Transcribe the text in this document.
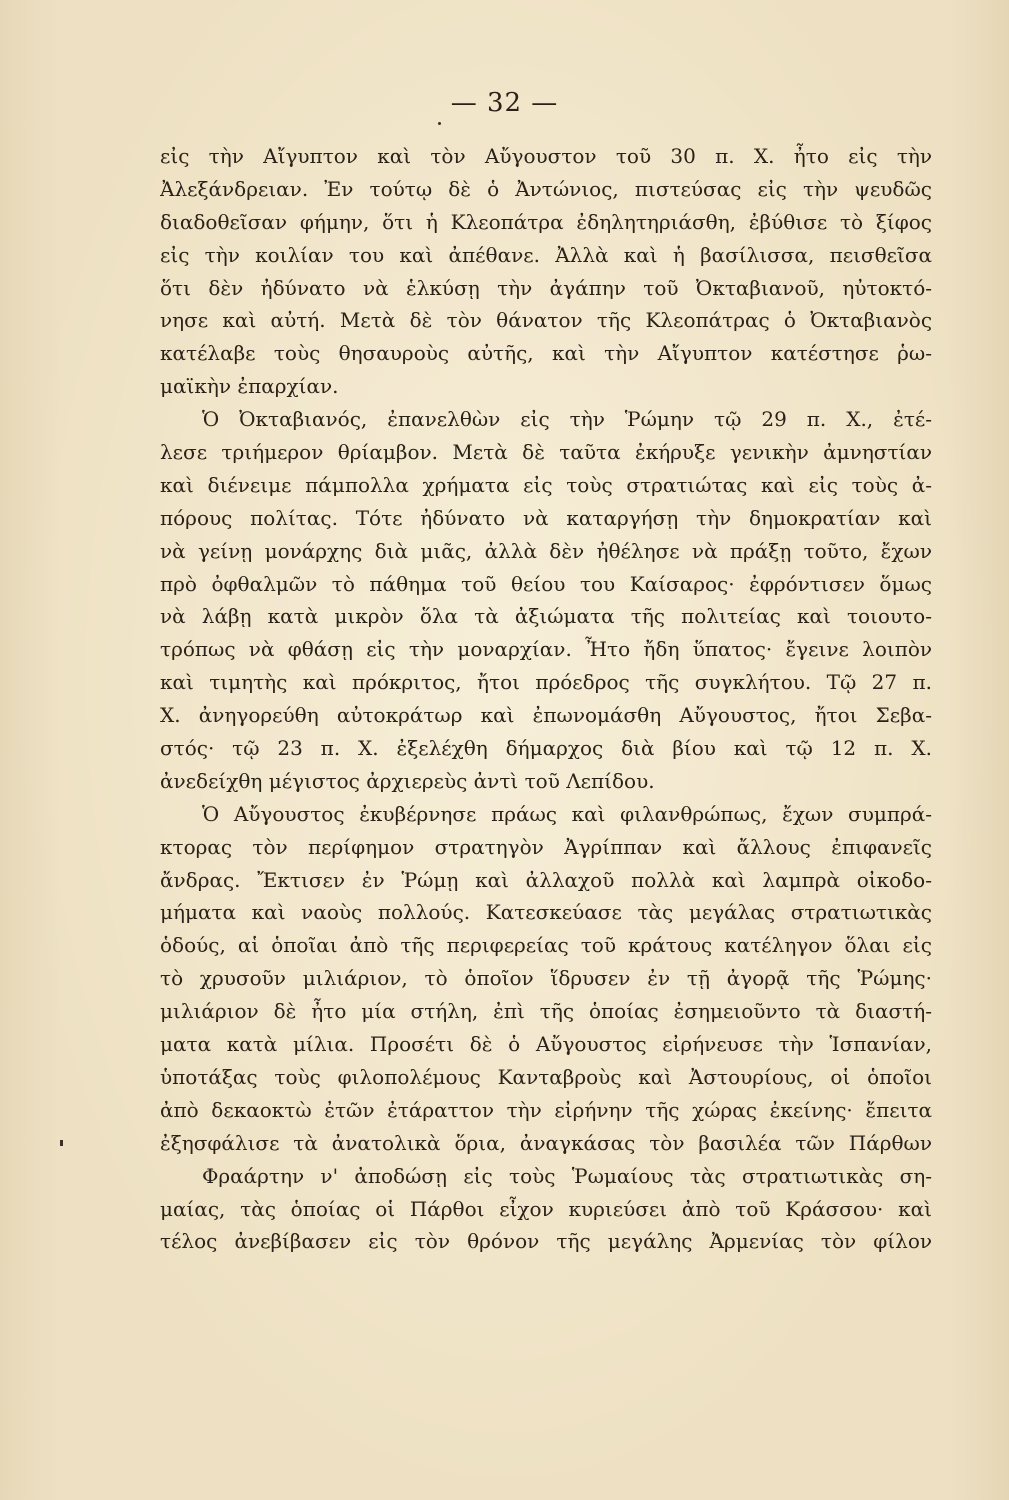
— 32 —
εἰς τὴν Αἴγυπτον καὶ τὸν Αὔγουστον τοῦ 30 π. Χ. ἦτο εἰς τὴν
Ἀλεξάνδρειαν. Ἐν τούτῳ δὲ ὁ Ἀντώνιος, πιστεύσας εἰς τὴν ψευδῶς
διαδοθεῖσαν φήμην, ὅτι ἡ Κλεοπάτρα ἐδηλητηριάσθη, ἐβύθισε τὸ ξίφος
εἰς τὴν κοιλίαν του καὶ ἀπέθανε. Ἀλλὰ καὶ ἡ βασίλισσα, πεισθεῖσα
ὅτι δὲν ἠδύνατο νὰ ἑλκύσῃ τὴν ἀγάπην τοῦ Ὀκταβιανοῦ, ηὐτοκτό-
νησε καὶ αὐτή. Μετὰ δὲ τὸν θάνατον τῆς Κλεοπάτρας ὁ Ὀκταβιανὸς
κατέλαβε τοὺς θησαυροὺς αὐτῆς, καὶ τὴν Αἴγυπτον κατέστησε ῥω-
μαϊκὴν ἐπαρχίαν.
Ὁ Ὀκταβιανός, ἐπανελθὼν εἰς τὴν Ῥώμην τῷ 29 π. Χ., ἐτέ-
λεσε τριήμερον θρίαμβον. Μετὰ δὲ ταῦτα ἐκήρυξε γενικὴν ἀμνηστίαν
καὶ διένειμε πάμπολλα χρήματα εἰς τοὺς στρατιώτας καὶ εἰς τοὺς ἀ-
πόρους πολίτας. Τότε ἠδύνατο νὰ καταργήσῃ τὴν δημοκρατίαν καὶ
νὰ γείνῃ μονάρχης διὰ μιᾶς, ἀλλὰ δὲν ἠθέλησε νὰ πράξῃ τοῦτο, ἔχων
πρὸ ὀφθαλμῶν τὸ πάθημα τοῦ θείου του Καίσαρος· ἐφρόντισεν ὅμως
νὰ λάβῃ κατὰ μικρὸν ὅλα τὰ ἀξιώματα τῆς πολιτείας καὶ τοιουτο-
τρόπως νὰ φθάσῃ εἰς τὴν μοναρχίαν. Ἦτο ἤδη ὕπατος· ἔγεινε λοιπὸν
καὶ τιμητὴς καὶ πρόκριτος, ἤτοι πρόεδρος τῆς συγκλήτου. Τῷ 27 π.
Χ. ἀνηγορεύθη αὐτοκράτωρ καὶ ἐπωνομάσθη Αὔγουστος, ἤτοι Σεβα-
στός· τῷ 23 π. Χ. ἐξελέχθη δήμαρχος διὰ βίου καὶ τῷ 12 π. Χ.
ἀνεδείχθη μέγιστος ἀρχιερεὺς ἀντὶ τοῦ Λεπίδου.
Ὁ Αὔγουστος ἐκυβέρνησε πράως καὶ φιλανθρώπως, ἔχων συμπρά-
κτορας τὸν περίφημον στρατηγὸν Ἀγρίππαν καὶ ἄλλους ἐπιφανεῖς
ἄνδρας. Ἔκτισεν ἐν Ῥώμῃ καὶ ἀλλαχοῦ πολλὰ καὶ λαμπρὰ οἰκοδο-
μήματα καὶ ναοὺς πολλούς. Κατεσκεύασε τὰς μεγάλας στρατιωτικὰς
ὁδούς, αἱ ὁποῖαι ἀπὸ τῆς περιφερείας τοῦ κράτους κατέληγον ὅλαι εἰς
τὸ χρυσοῦν μιλιάριον, τὸ ὁποῖον ἵδρυσεν ἐν τῇ ἀγορᾷ τῆς Ῥώμης·
μιλιάριον δὲ ἦτο μία στήλη, ἐπὶ τῆς ὁποίας ἐσημειοῦντο τὰ διαστή-
ματα κατὰ μίλια. Προσέτι δὲ ὁ Αὔγουστος εἰρήνευσε τὴν Ἱσπανίαν,
ὑποτάξας τοὺς φιλοπολέμους Κανταβροὺς καὶ Ἀστουρίους, οἱ ὁποῖοι
ἀπὸ δεκαοκτὼ ἐτῶν ἐτάραττον τὴν εἰρήνην τῆς χώρας ἐκείνης· ἔπειτα
ἐξησφάλισε τὰ ἀνατολικὰ ὅρια, ἀναγκάσας τὸν βασιλέα τῶν Πάρθων
Φραάρτην ν' ἀποδώσῃ εἰς τοὺς Ῥωμαίους τὰς στρατιωτικὰς ση-
μαίας, τὰς ὁποίας οἱ Πάρθοι εἶχον κυριεύσει ἀπὸ τοῦ Κράσσου· καὶ
τέλος ἀνεβίβασεν εἰς τὸν θρόνον τῆς μεγάλης Ἀρμενίας τὸν φίλον
